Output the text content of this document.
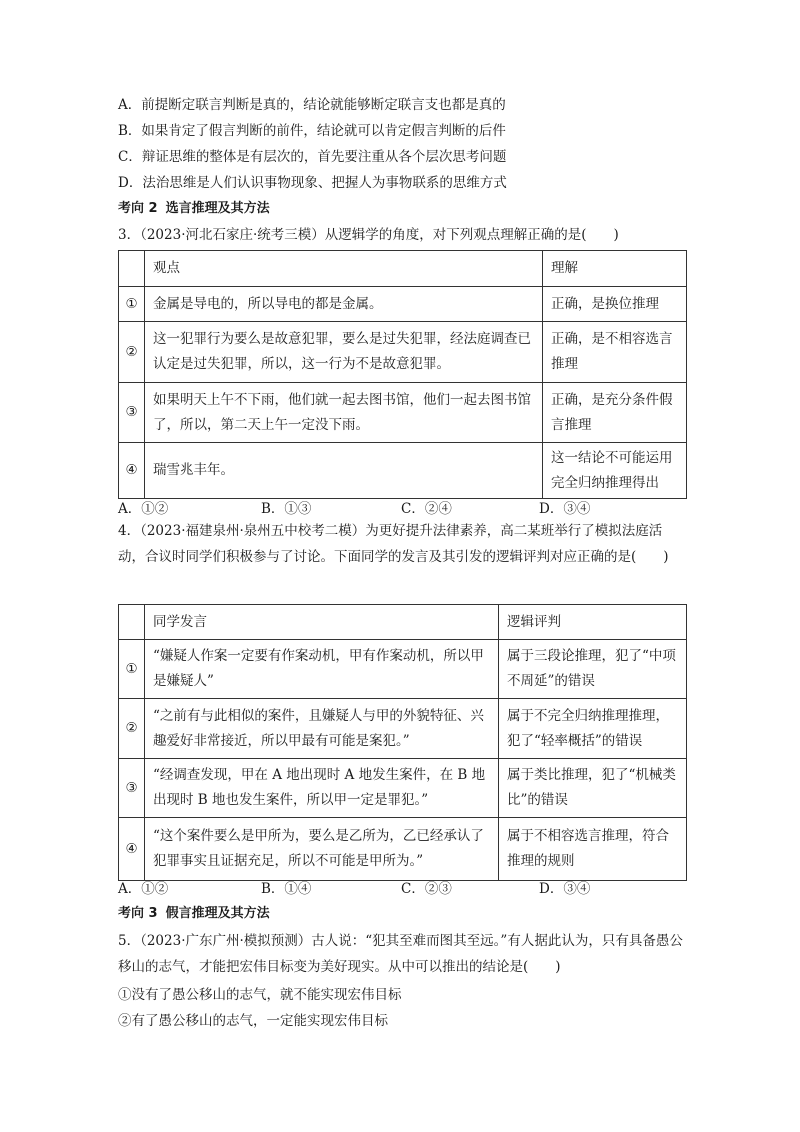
A．前提断定联言判断是真的，结论就能够断定联言支也都是真的
B．如果肯定了假言判断的前件，结论就可以肯定假言判断的后件
C．辩证思维的整体是有层次的，首先要注重从各个层次思考问题
D．法治思维是人们认识事物现象、把握人为事物联系的思维方式
考向 2 选言推理及其方法
3．（2023·河北石家庄·统考三模）从逻辑学的角度，对下列观点理解正确的是(　　)
	观点	理解
①	金属是导电的，所以导电的都是金属。	正确，是换位推理
②	这一犯罪行为要么是故意犯罪，要么是过失犯罪，经法庭调查已认定是过失犯罪，所以，这一行为不是故意犯罪。	正确，是不相容选言推理
③	如果明天上午不下雨，他们就一起去图书馆，他们一起去图书馆了，所以，第二天上午一定没下雨。	正确，是充分条件假言推理
④	瑞雪兆丰年。	这一结论不可能运用完全归纳推理得出
A．①②	B．①③	C．②④	D．③④
4．（2023·福建泉州·泉州五中校考二模）为更好提升法律素养，高二某班举行了模拟法庭活动，合议时同学们积极参与了讨论。下面同学的发言及其引发的逻辑评判对应正确的是(　　)
	同学发言	逻辑评判
①	“嫌疑人作案一定要有作案动机，甲有作案动机，所以甲是嫌疑人”	属于三段论推理，犯了“中项不周延”的错误
②	“之前有与此相似的案件，且嫌疑人与甲的外貌特征、兴趣爱好非常接近，所以甲最有可能是案犯。”	属于不完全归纳推理推理，犯了“轻率概括”的错误
③	“经调查发现，甲在 A 地出现时 A 地发生案件，在 B 地出现时 B 地也发生案件，所以甲一定是罪犯。”	属于类比推理，犯了“机械类比”的错误
④	“这个案件要么是甲所为，要么是乙所为，乙已经承认了犯罪事实且证据充足，所以不可能是甲所为。”	属于不相容选言推理，符合推理的规则
A．①②	B．①④	C．②③	D．③④
考向 3 假言推理及其方法
5．（2023·广东广州·模拟预测）古人说：“犯其至难而图其至远。”有人据此认为，只有具备愚公移山的志气，才能把宏伟目标变为美好现实。从中可以推出的结论是(　　)
①没有了愚公移山的志气，就不能实现宏伟目标
②有了愚公移山的志气，一定能实现宏伟目标
